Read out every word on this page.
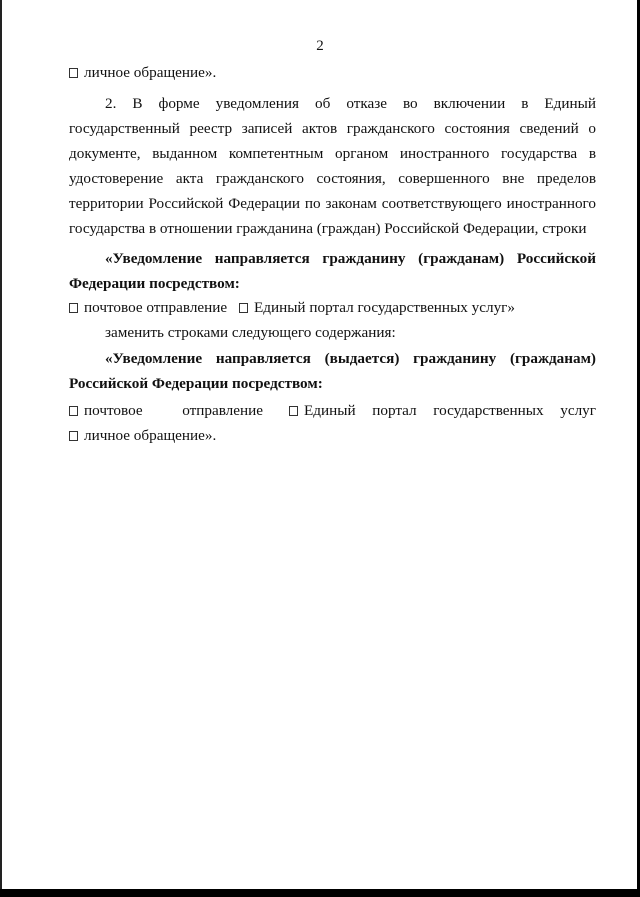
2
личное обращение».
2. В форме уведомления об отказе во включении в Единый государственный реестр записей актов гражданского состояния сведений о документе, выданном компетентным органом иностранного государства в удостоверение акта гражданского состояния, совершенного вне пределов территории Российской Федерации по законам соответствующего иностранного государства в отношении гражданина (граждан) Российской Федерации, строки
«Уведомление направляется гражданину (гражданам) Российской Федерации посредством:
почтовое отправление Единый портал государственных услуг»
заменить строками следующего содержания:
«Уведомление направляется (выдается) гражданину (гражданам) Российской Федерации посредством:
почтовое	отправление	Единый портал государственных услуг
личное обращение».
